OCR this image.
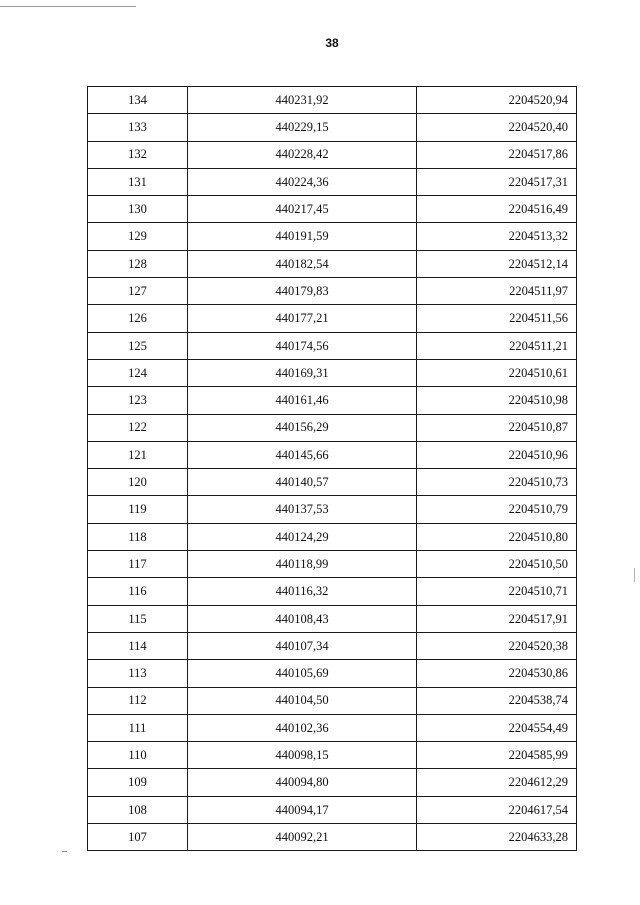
38
134	440231,92	2204520,94
133	440229,15	2204520,40
132	440228,42	2204517,86
131	440224,36	2204517,31
130	440217,45	2204516,49
129	440191,59	2204513,32
128	440182,54	2204512,14
127	440179,83	2204511,97
126	440177,21	2204511,56
125	440174,56	2204511,21
124	440169,31	2204510,61
123	440161,46	2204510,98
122	440156,29	2204510,87
121	440145,66	2204510,96
120	440140,57	2204510,73
119	440137,53	2204510,79
118	440124,29	2204510,80
117	440118,99	2204510,50
116	440116,32	2204510,71
115	440108,43	2204517,91
114	440107,34	2204520,38
113	440105,69	2204530,86
112	440104,50	2204538,74
111	440102,36	2204554,49
110	440098,15	2204585,99
109	440094,80	2204612,29
108	440094,17	2204617,54
107	440092,21	2204633,28
